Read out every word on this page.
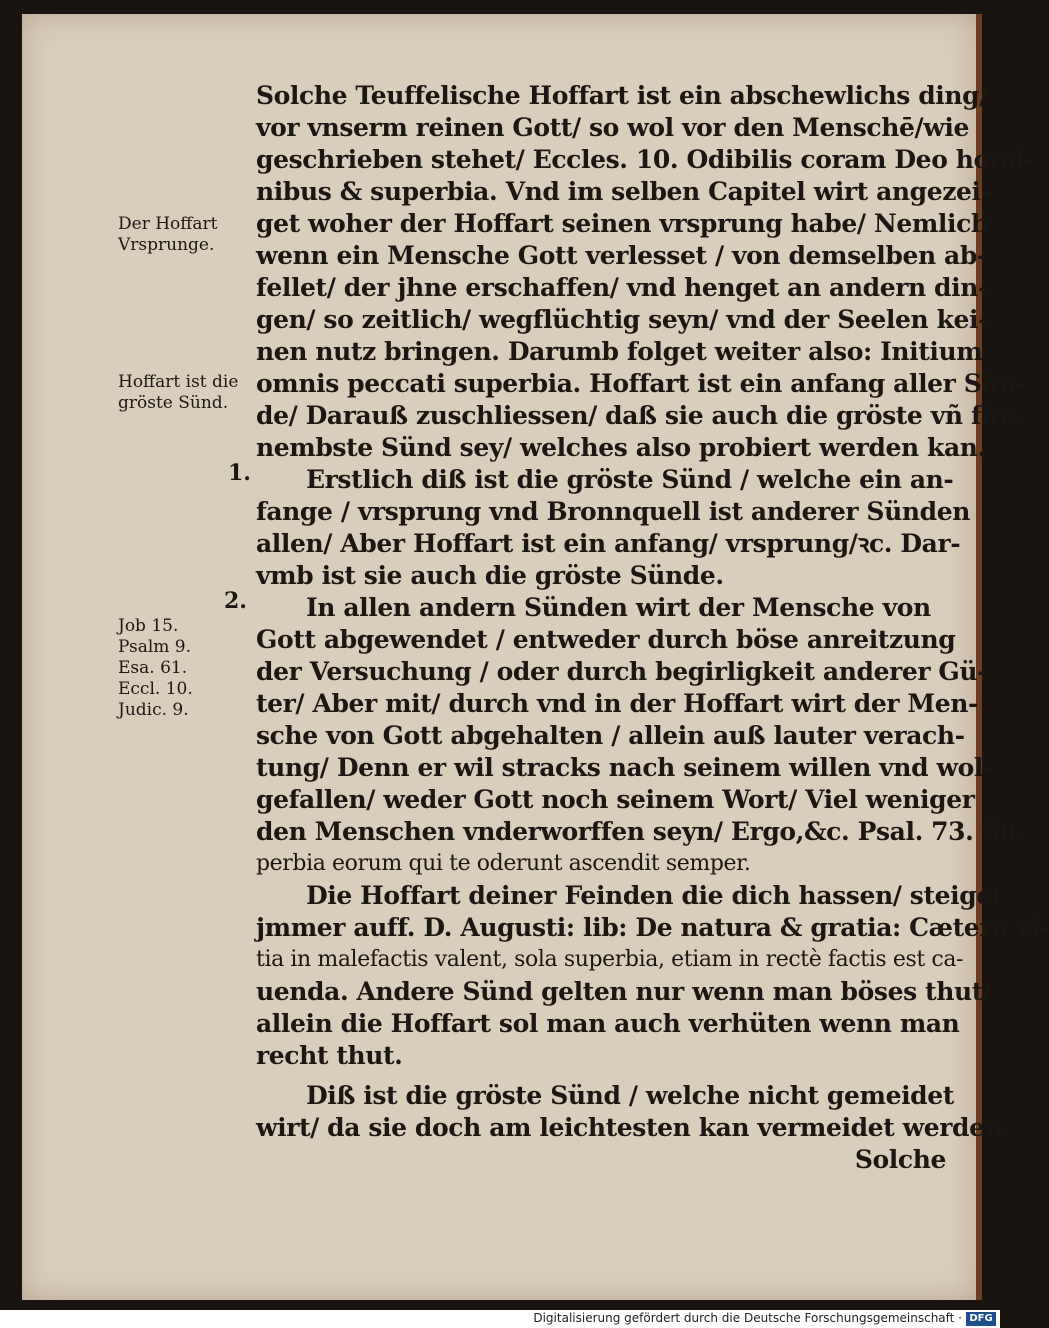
Solche Teuffelische Hoffart ist ein abschewlichs ding/
vor vnserm reinen Gott/ so wol vor den Menschē/wie
geschrieben stehet/ Eccles. 10. Odibilis coram Deo homi-
nibus & superbia. Vnd im selben Capitel wirt angezei-
get woher der Hoffart seinen vrsprung habe/ Nemlich
wenn ein Mensche Gott verlesset / von demselben ab-
fellet/ der jhne erschaffen/ vnd henget an andern din-
gen/ so zeitlich/ wegflüchtig seyn/ vnd der Seelen kei-
nen nutz bringen. Darumb folget weiter also: Initium
omnis peccati superbia. Hoffart ist ein anfang aller Sün-
de/ Darauß zuschliessen/ daß sie auch die gröste vñ für-
nembste Sünd sey/ welches also probiert werden kan.
Erstlich diß ist die gröste Sünd / welche ein an-
fange / vrsprung vnd Bronnquell ist anderer Sünden
allen/ Aber Hoffart ist ein anfang/ vrsprung/ꝛc. Dar-
vmb ist sie auch die gröste Sünde.
In allen andern Sünden wirt der Mensche von
Gott abgewendet / entweder durch böse anreitzung
der Versuchung / oder durch begirligkeit anderer Gü-
ter/ Aber mit/ durch vnd in der Hoffart wirt der Men-
sche von Gott abgehalten / allein auß lauter verach-
tung/ Denn er wil stracks nach seinem willen vnd wol-
gefallen/ weder Gott noch seinem Wort/ Viel weniger
den Menschen vnderworffen seyn/ Ergo,&c. Psal. 73. Su-
perbia eorum qui te oderunt ascendit semper.
Die Hoffart deiner Feinden die dich hassen/ steiget
jmmer auff. D. Augusti: lib: De natura & gratia: Cætera vi-
tia in malefactis valent, sola superbia, etiam in rectè factis est ca-
uenda. Andere Sünd gelten nur wenn man böses thut/
allein die Hoffart sol man auch verhüten wenn man
recht thut.
Diß ist die gröste Sünd / welche nicht gemeidet
wirt/ da sie doch am leichtesten kan vermeidet werden.
Solche
Der Hoffart
Vrsprunge.
Hoffart ist die
gröste Sünd.
1.
2.
Job 15.
Psalm 9.
Esa. 61.
Eccl. 10.
Judic. 9.
Digitalisierung gefördert durch die Deutsche Forschungsgemeinschaft · DFG
